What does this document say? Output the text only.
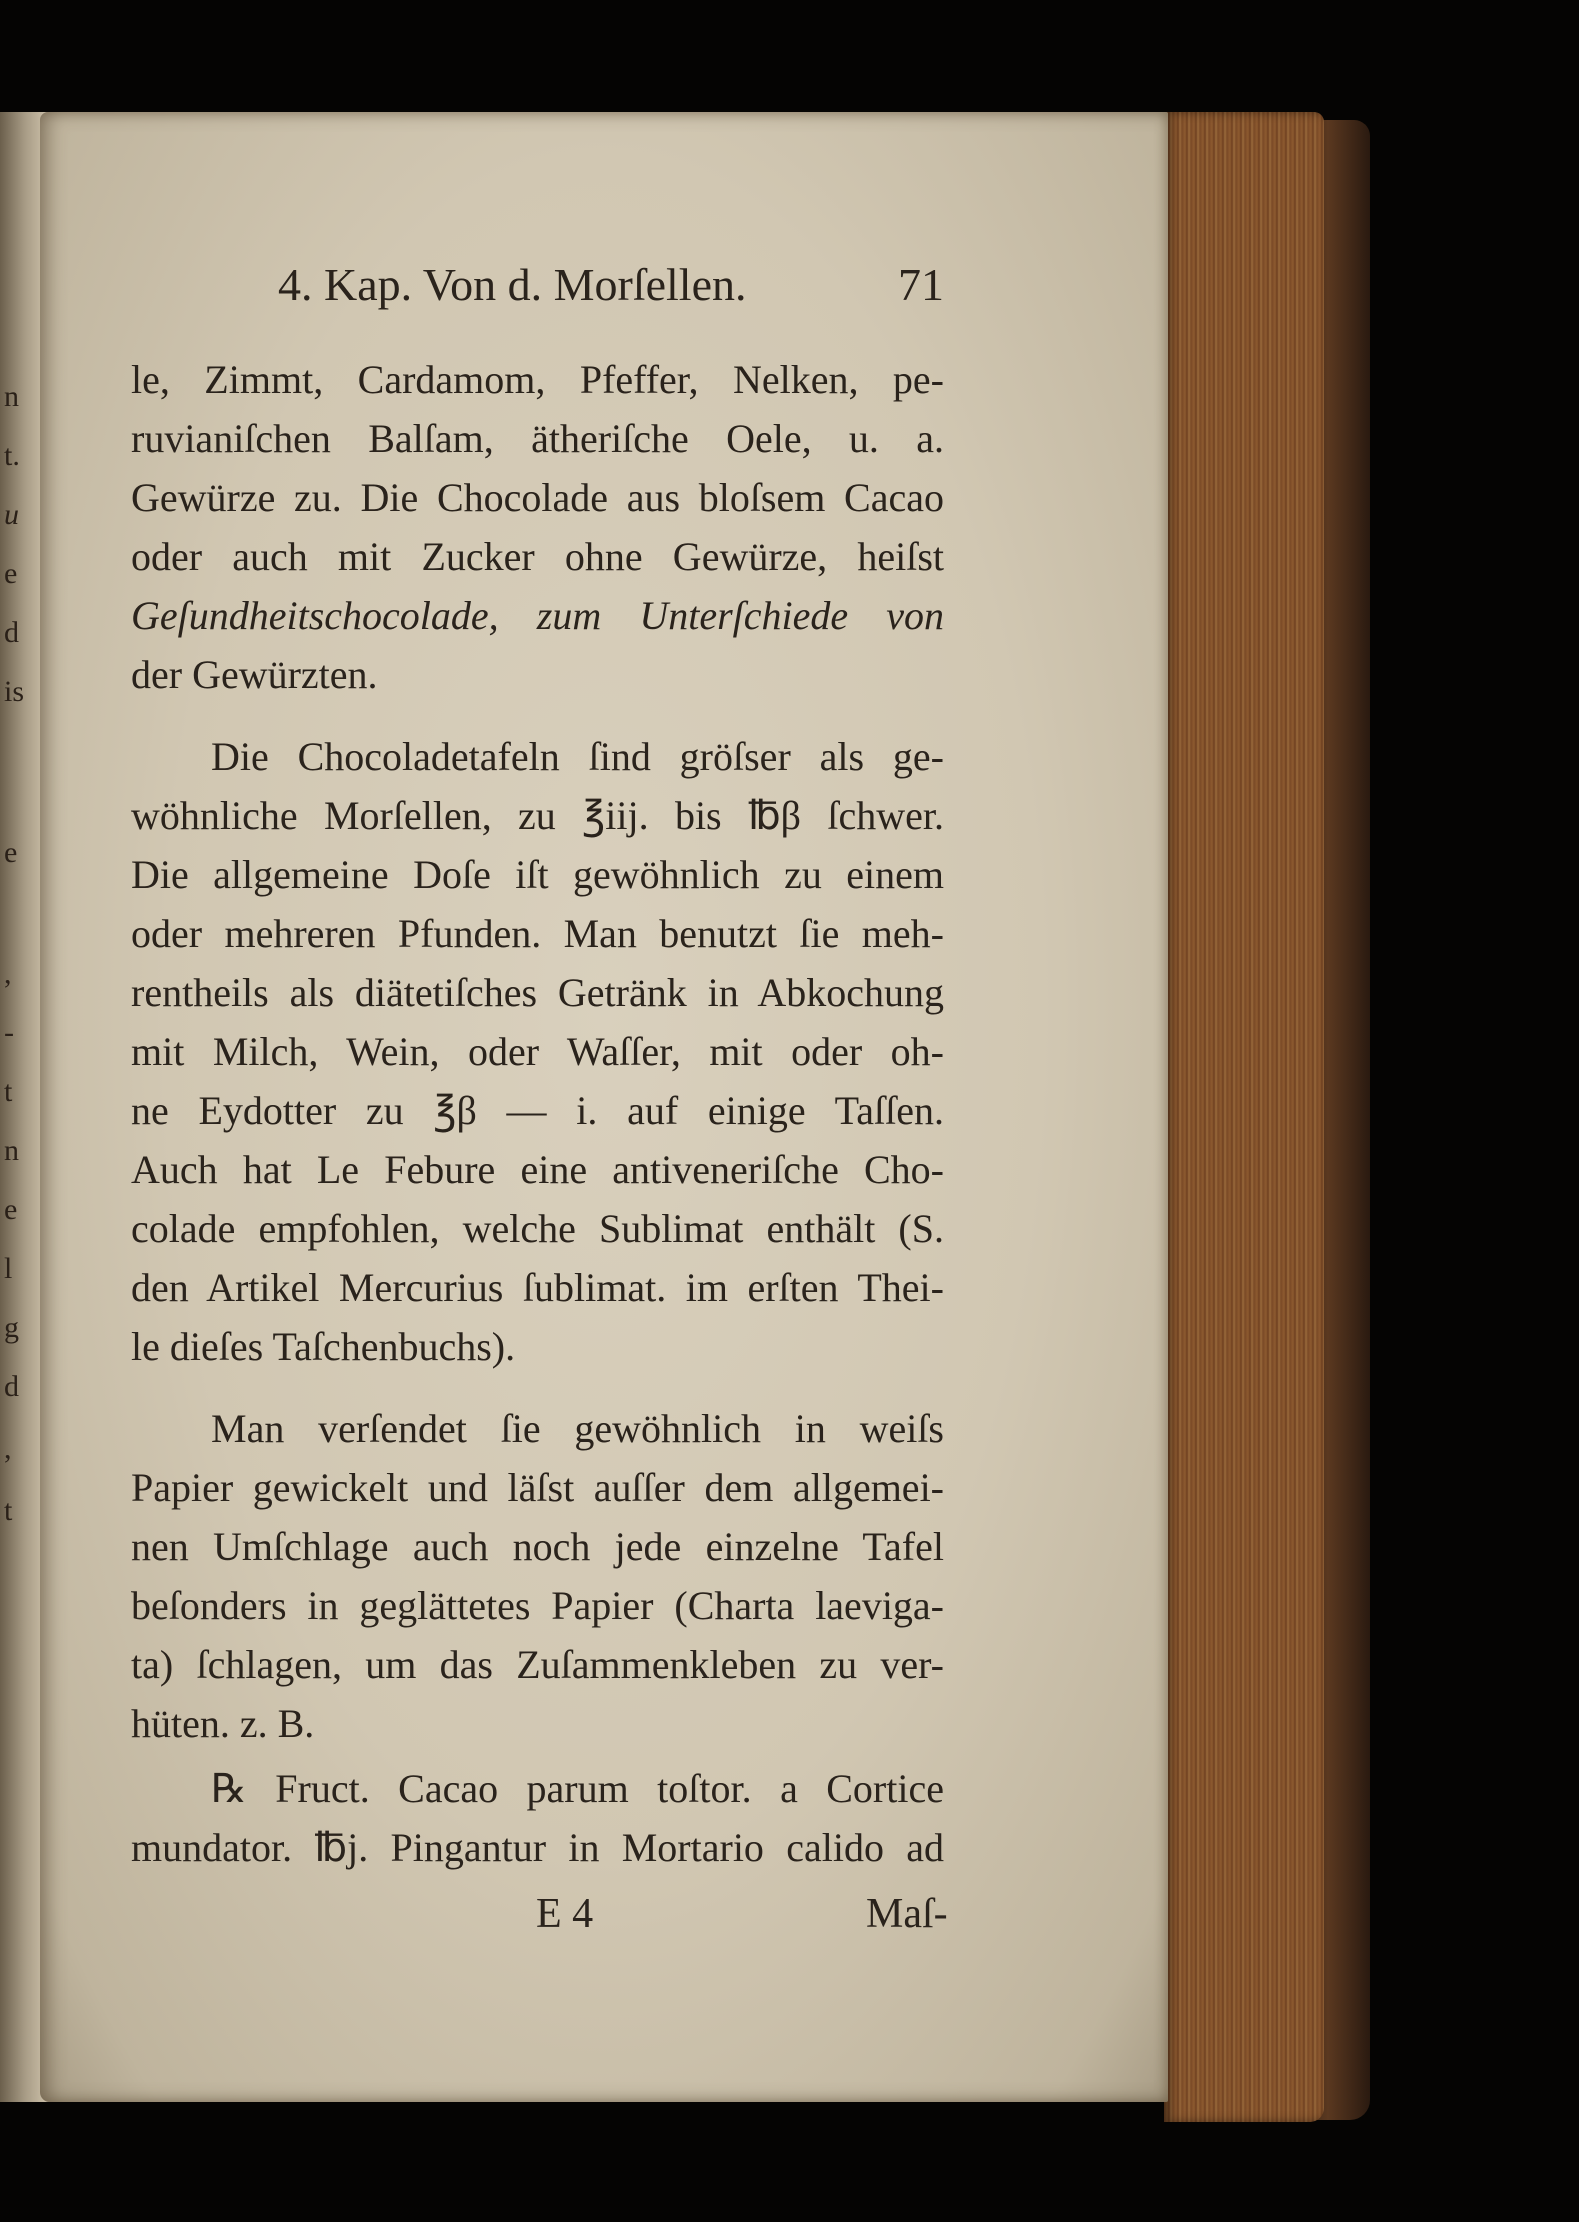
n
t.
u
e
d
is
e
,
-
t
n
e
l
g
d
,
t
4. Kap. Von d. Morſellen.	71
le, Zimmt, Cardamom, Pfeffer, Nelken, pe-
ruvianiſchen Balſam, ätheriſche Oele, u. a.
Gewürze zu. Die Chocolade aus bloſsem Cacao
oder auch mit Zucker ohne Gewürze, heiſst
Geſundheitschocolade, zum Unterſchiede von
der Gewürzten.
Die Chocoladetafeln ſind gröſser als ge-
wöhnliche Morſellen, zu ℥iij. bis ℔β ſchwer.
Die allgemeine Doſe iſt gewöhnlich zu einem
oder mehreren Pfunden. Man benutzt ſie meh-
rentheils als diätetiſches Getränk in Abkochung
mit Milch, Wein, oder Waſſer, mit oder oh-
ne Eydotter zu ℥β — i. auf einige Taſſen.
Auch hat Le Febure eine antiveneriſche Cho-
colade empfohlen, welche Sublimat enthält (S.
den Artikel Mercurius ſublimat. im erſten Thei-
le dieſes Taſchenbuchs).
Man verſendet ſie gewöhnlich in weiſs
Papier gewickelt und läſst auſſer dem allgemei-
nen Umſchlage auch noch jede einzelne Tafel
beſonders in geglättetes Papier (Charta laeviga-
ta) ſchlagen, um das Zuſammenkleben zu ver-
hüten. z. B.
℞ Fruct. Cacao parum toſtor. a Cortice
mundator. ℔j. Pingantur in Mortario calido ad
E 4	Maſ-
